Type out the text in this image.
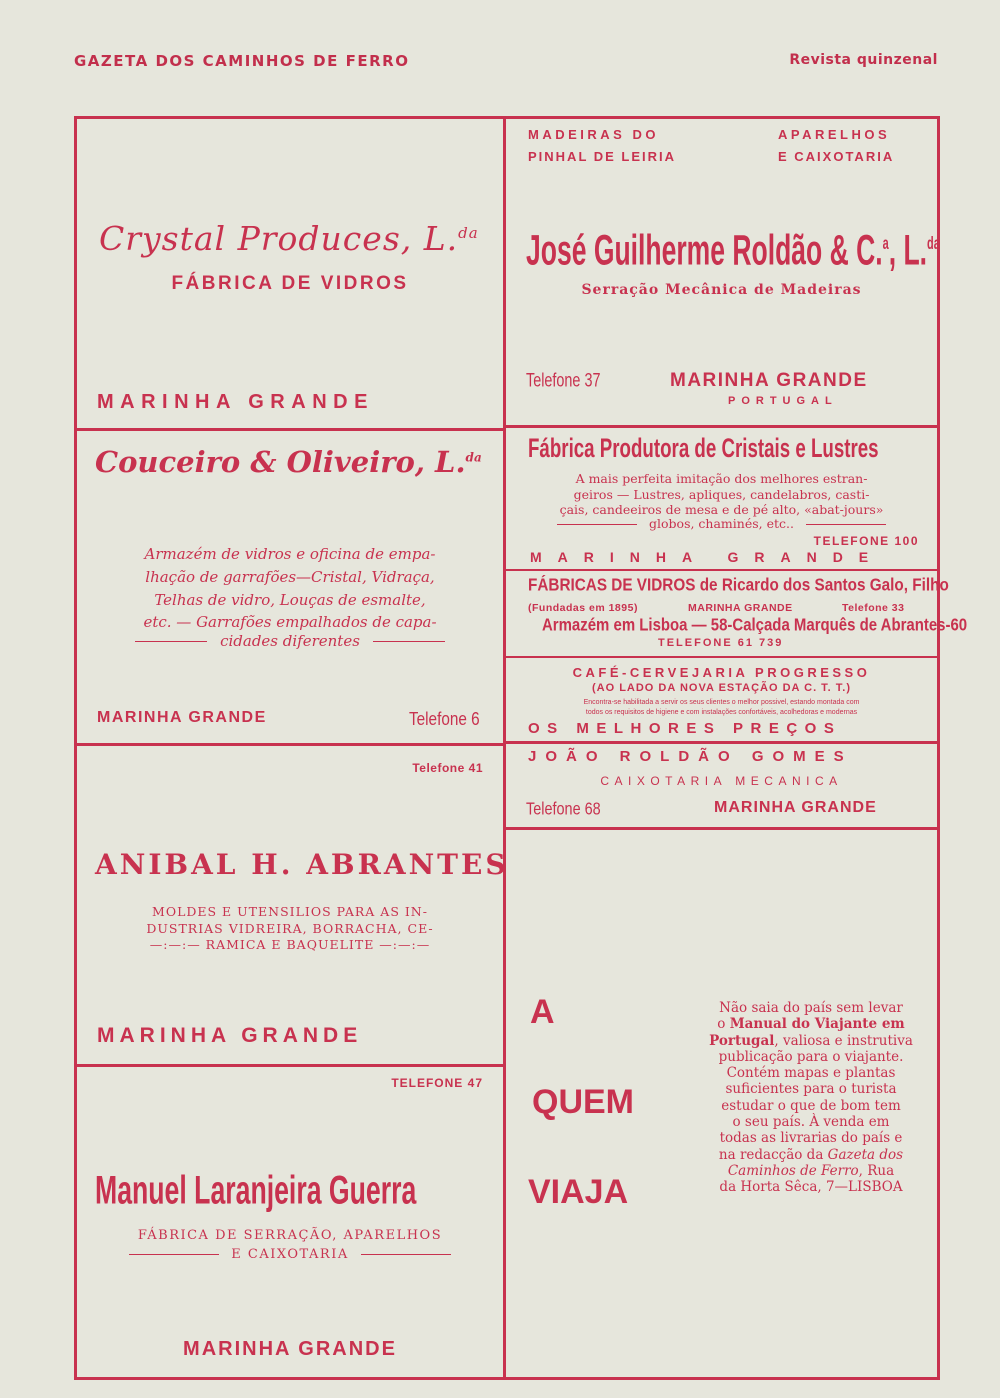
GAZETA DOS CAMINHOS DE FERRO	Revista quinzenal
Crystal Produces, L.$^{da}$
FÁBRICA DE VIDROS
MARINHA GRANDE
MADEIRAS DO
PINHAL DE LEIRIA
APARELHOS
E CAIXOTARIA
José Guilherme Roldão & C.$^a$, L.$^{da}$
Serração Mecânica de Madeiras
Telefone 37	MARINHA GRANDE
PORTUGAL
Couceiro & Oliveiro, L.$^{da}$
Armazém de vidros e oficina de empa-
lhação de garrafões—Cristal, Vidraça,
Telhas de vidro, Louças de esmalte,
etc. — Garrafões empalhados de capa-
cidades diferentes
MARINHA GRANDE	Telefone 6
Fábrica Produtora de Cristais e Lustres
A mais perfeita imitação dos melhores estran-
geiros — Lustres, apliques, candelabros, casti-
çais, candeeiros de mesa e de pé alto, «abat-jours»
globos, chaminés, etc..
TELEFONE 100
MARINHA GRANDE
FÁBRICAS DE VIDROS de Ricardo dos Santos Galo, Filho
(Fundadas em 1895)	MARINHA GRANDE	Telefone 33
Armazém em Lisboa — 58-Calçada Marquês de Abrantes-60
TELEFONE 61 739
CAFÉ-CERVEJARIA PROGRESSO
(AO LADO DA NOVA ESTAÇÃO DA C. T. T.)
Encontra-se habilitada a servir os seus clientes o melhor possivel, estando montada com
todos os requisitos de higiene e com instalações confortáveis, acolhedoras e modernas
OS MELHORES PREÇOS
JOÃO ROLDÃO GOMES
CAIXOTARIA MECANICA
Telefone 68	MARINHA GRANDE
Telefone 41
ANIBAL H. ABRANTES
MOLDES E UTENSILIOS PARA AS IN-
DUSTRIAS VIDREIRA, BORRACHA, CE-
—:—:— RAMICA E BAQUELITE —:—:—
MARINHA GRANDE
TELEFONE 47
Manuel Laranjeira Guerra
FÁBRICA DE SERRAÇÃO, APARELHOS
E CAIXOTARIA
MARINHA GRANDE
A
QUEM
VIAJA
Não saia do país sem levar
o Manual do Viajante em
Portugal, valiosa e instrutiva
publicação para o viajante.
Contém mapas e plantas
suficientes para o turista
estudar o que de bom tem
o seu país. À venda em
todas as livrarias do país e
na redacção da Gazeta dos
Caminhos de Ferro, Rua
da Horta Sêca, 7—LISBOA
